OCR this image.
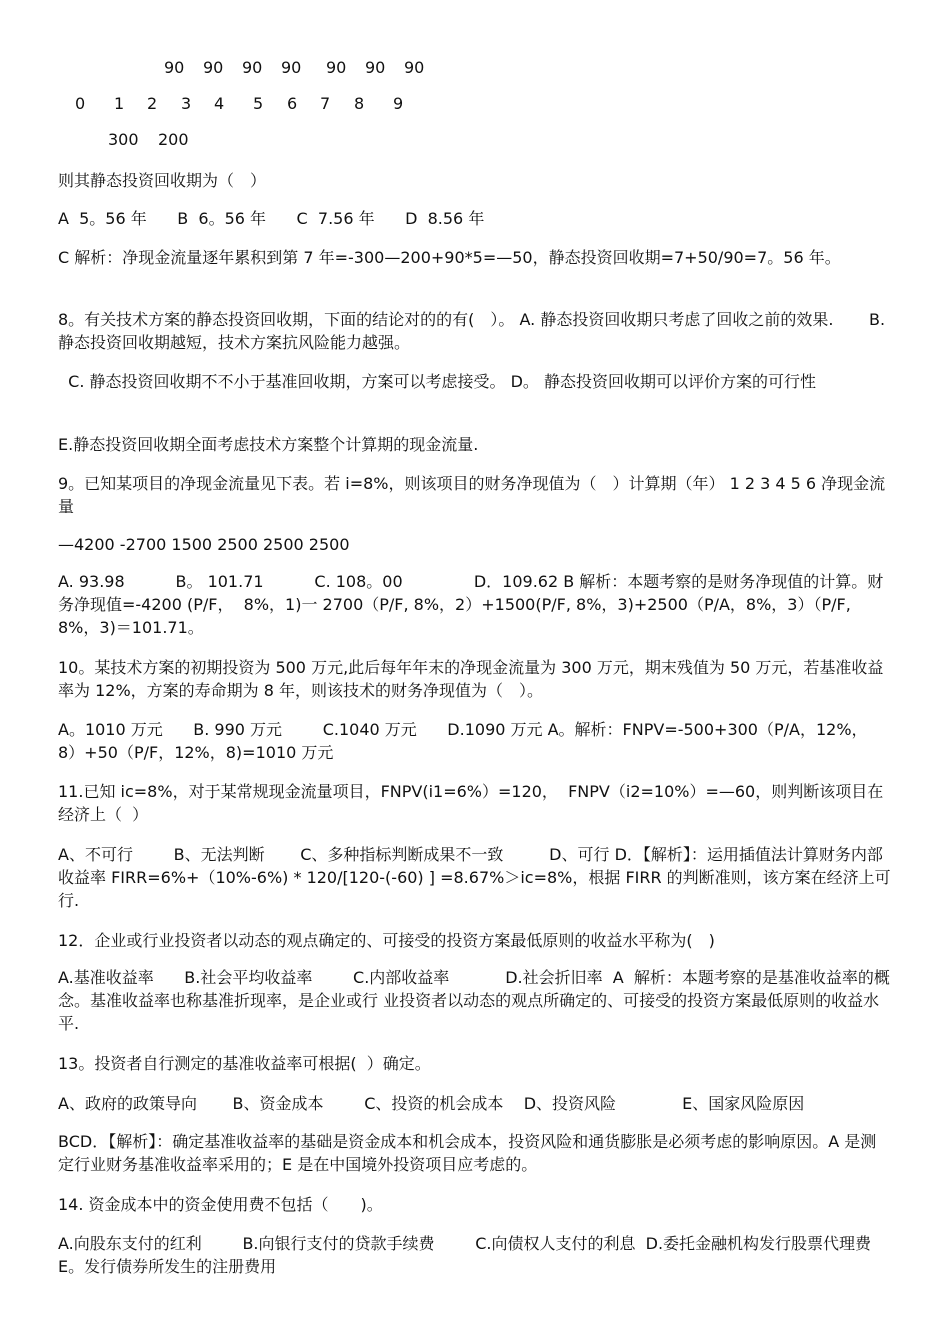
90 90 90 90 90 90 90
0 1 2 3 4 5 6 7 8 9
300 200

则其静态投资回收期为（　）

A  5。56 年      B  6。56 年      C  7.56 年      D  8.56 年

C 解析：净现金流量逐年累积到第 7 年=-300—200+90*5=—50，静态投资回收期=7+50/90=7。56 年。

8。有关技术方案的静态投资回收期，下面的结论对的的有(　）。 A. 静态投资回收期只考虑了回收之前的效果.       B.  静态投资回收期越短，技术方案抗风险能力越强。

C. 静态投资回收期不不小于基准回收期，方案可以考虑接受。 D。 静态投资回收期可以评价方案的可行性

E.静态投资回收期全面考虑技术方案整个计算期的现金流量.

9。已知某项目的净现金流量见下表。若 i=8%，则该项目的财务净现值为（　）计算期（年） 1 2 3 4 5 6 净现金流量

—4200 -2700 1500 2500 2500 2500

A. 93.98          B。 101.71          C. 108。00              D．109.62 B 解析：本题考察的是财务净现值的计算。财务净现值=-4200 (P/F，  8%，1)一 2700（P/F, 8%，2）+1500(P/F, 8%，3)+2500（P/A，8%，3）（P/F, 8%，3)＝101.71。

10。某技术方案的初期投资为 500 万元,此后每年年末的净现金流量为 300 万元，期末残值为 50 万元，若基准收益率为 12%，方案的寿命期为 8 年，则该技术的财务净现值为（　）。

A。1010 万元      B. 990 万元        C.1040 万元      D.1090 万元 A。解析：FNPV=-500+300（P/A，12%，8）+50（P/F，12%，8)=1010 万元

11.已知 ic=8%，对于某常规现金流量项目，FNPV(i1=6%）=120，  FNPV（i2=10%）=—60，则判断该项目在经济上（  ）

A、不可行        B、无法判断       C、多种指标判断成果不一致         D、可行 D．【解析】：运用插值法计算财务内部收益率 FIRR=6%+（10%-6%) * 120/[120-(-60) ] =8.67%＞ic=8%，根据 FIRR 的判断准则，该方案在经济上可行.

12．企业或行业投资者以动态的观点确定的、可接受的投资方案最低原则的收益水平称为(　)

A.基准收益率      B.社会平均收益率        C.内部收益率           D.社会折旧率  A  解析：本题考察的是基准收益率的概念。基准收益率也称基准折现率，是企业或行 业投资者以动态的观点所确定的、可接受的投资方案最低原则的收益水平.

13。投资者自行测定的基准收益率可根据(  ）确定。

A、政府的政策导向       B、资金成本        C、投资的机会成本    D、投资风险             E、国家风险原因

BCD．【解析】：确定基准收益率的基础是资金成本和机会成本，投资风险和通货膨胀是必须考虑的影响原因。A 是测定行业财务基准收益率采用的；E 是在中国境外投资项目应考虑的。

14. 资金成本中的资金使用费不包括（　　)。

A.向股东支付的红利        B.向银行支付的贷款手续费        C.向债权人支付的利息  D.委托金融机构发行股票代理费     E。发行债券所发生的注册费用
